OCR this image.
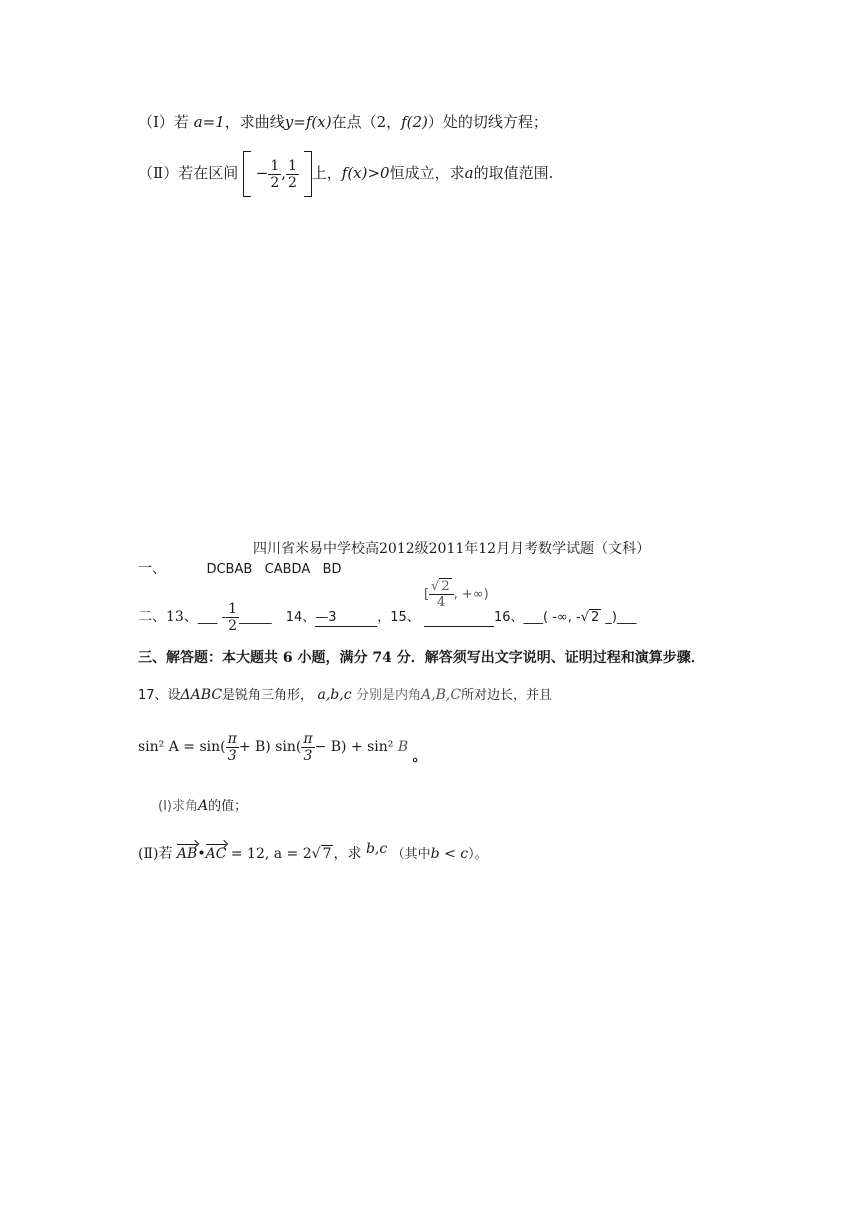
（Ⅰ）若 a=1，求曲线y=f(x)在点（2，f(2)）处的切线方程；
（Ⅱ）若在区间 − $\frac{1}{2}$ , $\frac{1}{2}$ 上，f(x)>0恒成立，求a的取值范围.
四川省米易中学校高2012级2011年12月月考数学试题（文科）
一、	DCBAB   CABDA   BD
二、13、___ - $\frac{1}{2}$ _____ 14、—3	，15、
[ $\frac{√ 2}{4}$ , +∞)
16、___( -∞, -√ 2 _)___
三、解答题：本大题共 6 小题，满分 74 分．解答须写出文字说明、证明过程和演算步骤．
17、设ΔABC是锐角三角形， a,b,c 分别是内角A,B,C所对边长，并且
sin² $A = \sin( \frac{\pi}{3} + B)$ $\sin( \frac{\pi}{3} - B) + \sin^2$ B 。
(Ⅰ)求角A的值；
(Ⅱ)若 AB•AC = 12, a = 2√ 7 ，求 b,c （其中b < c）。
